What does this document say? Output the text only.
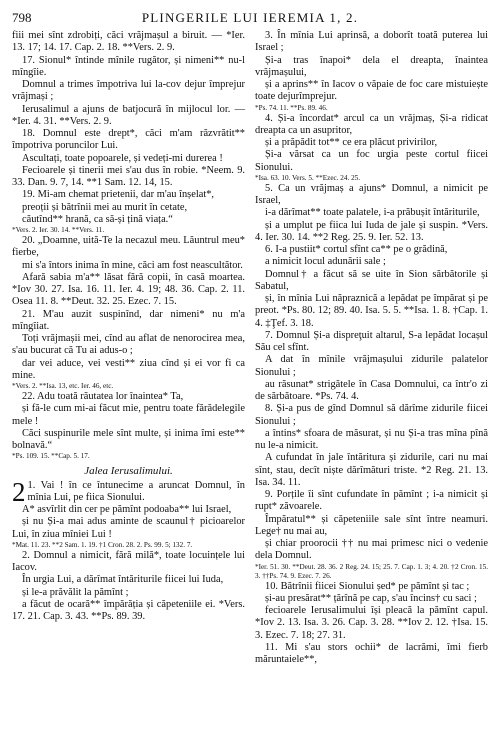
798	PLINGERILE LUI IEREMIA 1, 2.

fiii mei sînt zdrobiți, căci vrăjmașul a biruit. — *Ier. 13. 17; 14. 17. Cap. 2. 18. **Vers. 2. 9.

17. Sionul* întinde mînile rugător, și nimeni** nu-l mîngîie.

Domnul a trimes împotriva lui la-cov dejur împrejur vrăjmași ;

Ierusalimul a ajuns de batjocură în mijlocul lor. — *Ier. 4. 31. **Vers. 2. 9.

18. Domnul este drept*, căci m'am răzvrătit** împotriva poruncilor Lui.

Ascultați, toate popoarele, și vedeți-mi durerea !

Fecioarele și tinerii mei s'au dus în robie. *Neem. 9. 33. Dan. 9. 7, 14. **1 Sam. 12. 14, 15.

19. Mi-am chemat prietenii, dar m'au înșelat*,

preoții și bătrînii mei au murit în cetate,

căutînd** hrană, ca să-și țină viața.“

*Vers. 2. Ier. 30. 14. **Vers. 11.

20. „Doamne, uită-Te la necazul meu. Lăuntrul meu* fierbe,

mi s'a întors inima în mine, căci am fost neascultător.

Afară sabia m'a** lăsat fără copii, în casă moartea. *Iov 30. 27. Isa. 16. 11. Ier. 4. 19; 48. 36. Cap. 2. 11. Osea 11. 8. **Deut. 32. 25. Ezec. 7. 15.

21. M'au auzit suspinînd, dar nimeni* nu m'a mîngîiat.

Toți vrăjmașii mei, cînd au aflat de nenorocirea mea, s'au bucurat că Tu ai adus-o ;

dar vei aduce, vei vesti** ziua cînd și ei vor fi ca mine.

*Vers. 2. **Isa. 13, etc. Ier. 46, etc.

22. Adu toată răutatea lor înaintea* Ta,

și fă-le cum mi-ai făcut mie, pentru toate fărădelegile mele !

Căci suspinurile mele sînt multe, și inima îmi este** bolnavă.“

*Ps. 109. 15. **Cap. 5. 17.

Jalea Ierusalimului.

2 1. Vai ! în ce întunecime a aruncat Domnul, în mînia Lui, pe fiica Sionului.

A* asvîrlit din cer pe pămînt podoaba** lui Israel,

și nu Și-a mai adus aminte de scaunul† picioarelor Lui, în ziua mîniei Lui !

*Mat. 11. 23. **2 Sam. 1. 19. †1 Cron. 28. 2. Ps. 99. 5; 132. 7.

2. Domnul a nimicit, fără milă*, toate locuințele lui Iacov.

În urgia Lui, a dărîmat întăriturile fiicei lui Iuda,

și le-a prăvălit la pămînt ;

a făcut de ocară** împărăția și căpeteniile ei. *Vers. 17. 21. Cap. 3. 43. **Ps. 89. 39.

3. În mînia Lui aprinsă, a doborît toată puterea lui Israel ;

Și-a tras înapoi* dela el dreapta, înaintea vrăjmașului,

și a aprins** în Iacov o văpaie de foc care mistuiește toate dejurîmprejur.

*Ps. 74. 11. **Ps. 89. 46.

4. Și-a încordat* arcul ca un vrăjmaș, Și-a ridicat dreapta ca un asupritor,

și a prăpădit tot** ce era plăcut privirilor,

Și-a vărsat ca un foc urgia peste cortul fiicei Sionului.

*Isa. 63. 10. Vers. 5. **Ezec. 24. 25.

5. Ca un vrăjmaș a ajuns* Domnul, a nimicit pe Israel,

i-a dărîmat** toate palatele, i-a prăbușit întăriturile,

și a umplut pe fiica lui Iuda de jale și suspin. *Vers. 4. Ier. 30. 14. **2 Reg. 25. 9. Ier. 52. 13.

6. I-a pustiit* cortul sfînt ca** pe o grădină,

a nimicit locul adunării sale ;

Domnul† a făcut să se uite în Sion sărbătorile și Sabatul,

și, în mînia Lui năpraznică a lepădat pe împărat și pe preot. *Ps. 80. 12; 89. 40. Isa. 5. 5. **Isa. 1. 8. †Cap. 1. 4. ‡Ţef. 3. 18.

7. Domnul Și-a dispreţuit altarul, S-a lepădat locașul Său cel sfînt.

A dat în mînile vrăjmașului zidurile palatelor Sionului ;

au răsunat* strigătele în Casa Domnului, ca într'o zi de sărbătoare. *Ps. 74. 4.

8. Și-a pus de gînd Domnul să dărîme zidurile fiicei Sionului ;

a întins* sfoara de măsurat, și nu Și-a tras mîna pînă nu le-a nimicit.

A cufundat în jale întăritura și zidurile, cari nu mai sînt, stau, decît niște dărîmături triste. *2 Reg. 21. 13. Isa. 34. 11.

9. Porțile îi sînt cufundate în pămînt ; i-a nimicit și rupt* zăvoarele.

Împăratul** și căpeteniile sale sînt între neamuri. Lege† nu mai au,

și chiar proorocii †† nu mai primesc nici o vedenie dela Domnul.

*Ier. 51. 30. **Deut. 28. 36. 2 Reg. 24. 15; 25. 7. Cap. 1. 3; 4. 20. †2 Cron. 15. 3. ††Ps. 74. 9. Ezec. 7. 26.

10. Bătrînii fiicei Sionului șed* pe pămînt și tac ;

și-au presărat** țărînă pe cap, s'au încins† cu saci ;

fecioarele Ierusalimului își pleacă la pămînt capul. *Iov 2. 13. Isa. 3. 26. Cap. 3. 28. **Iov 2. 12. †Isa. 15. 3. Ezec. 7. 18; 27. 31.

11. Mi s'au stors ochii* de lacrămi, îmi fierb măruntaiele**,
